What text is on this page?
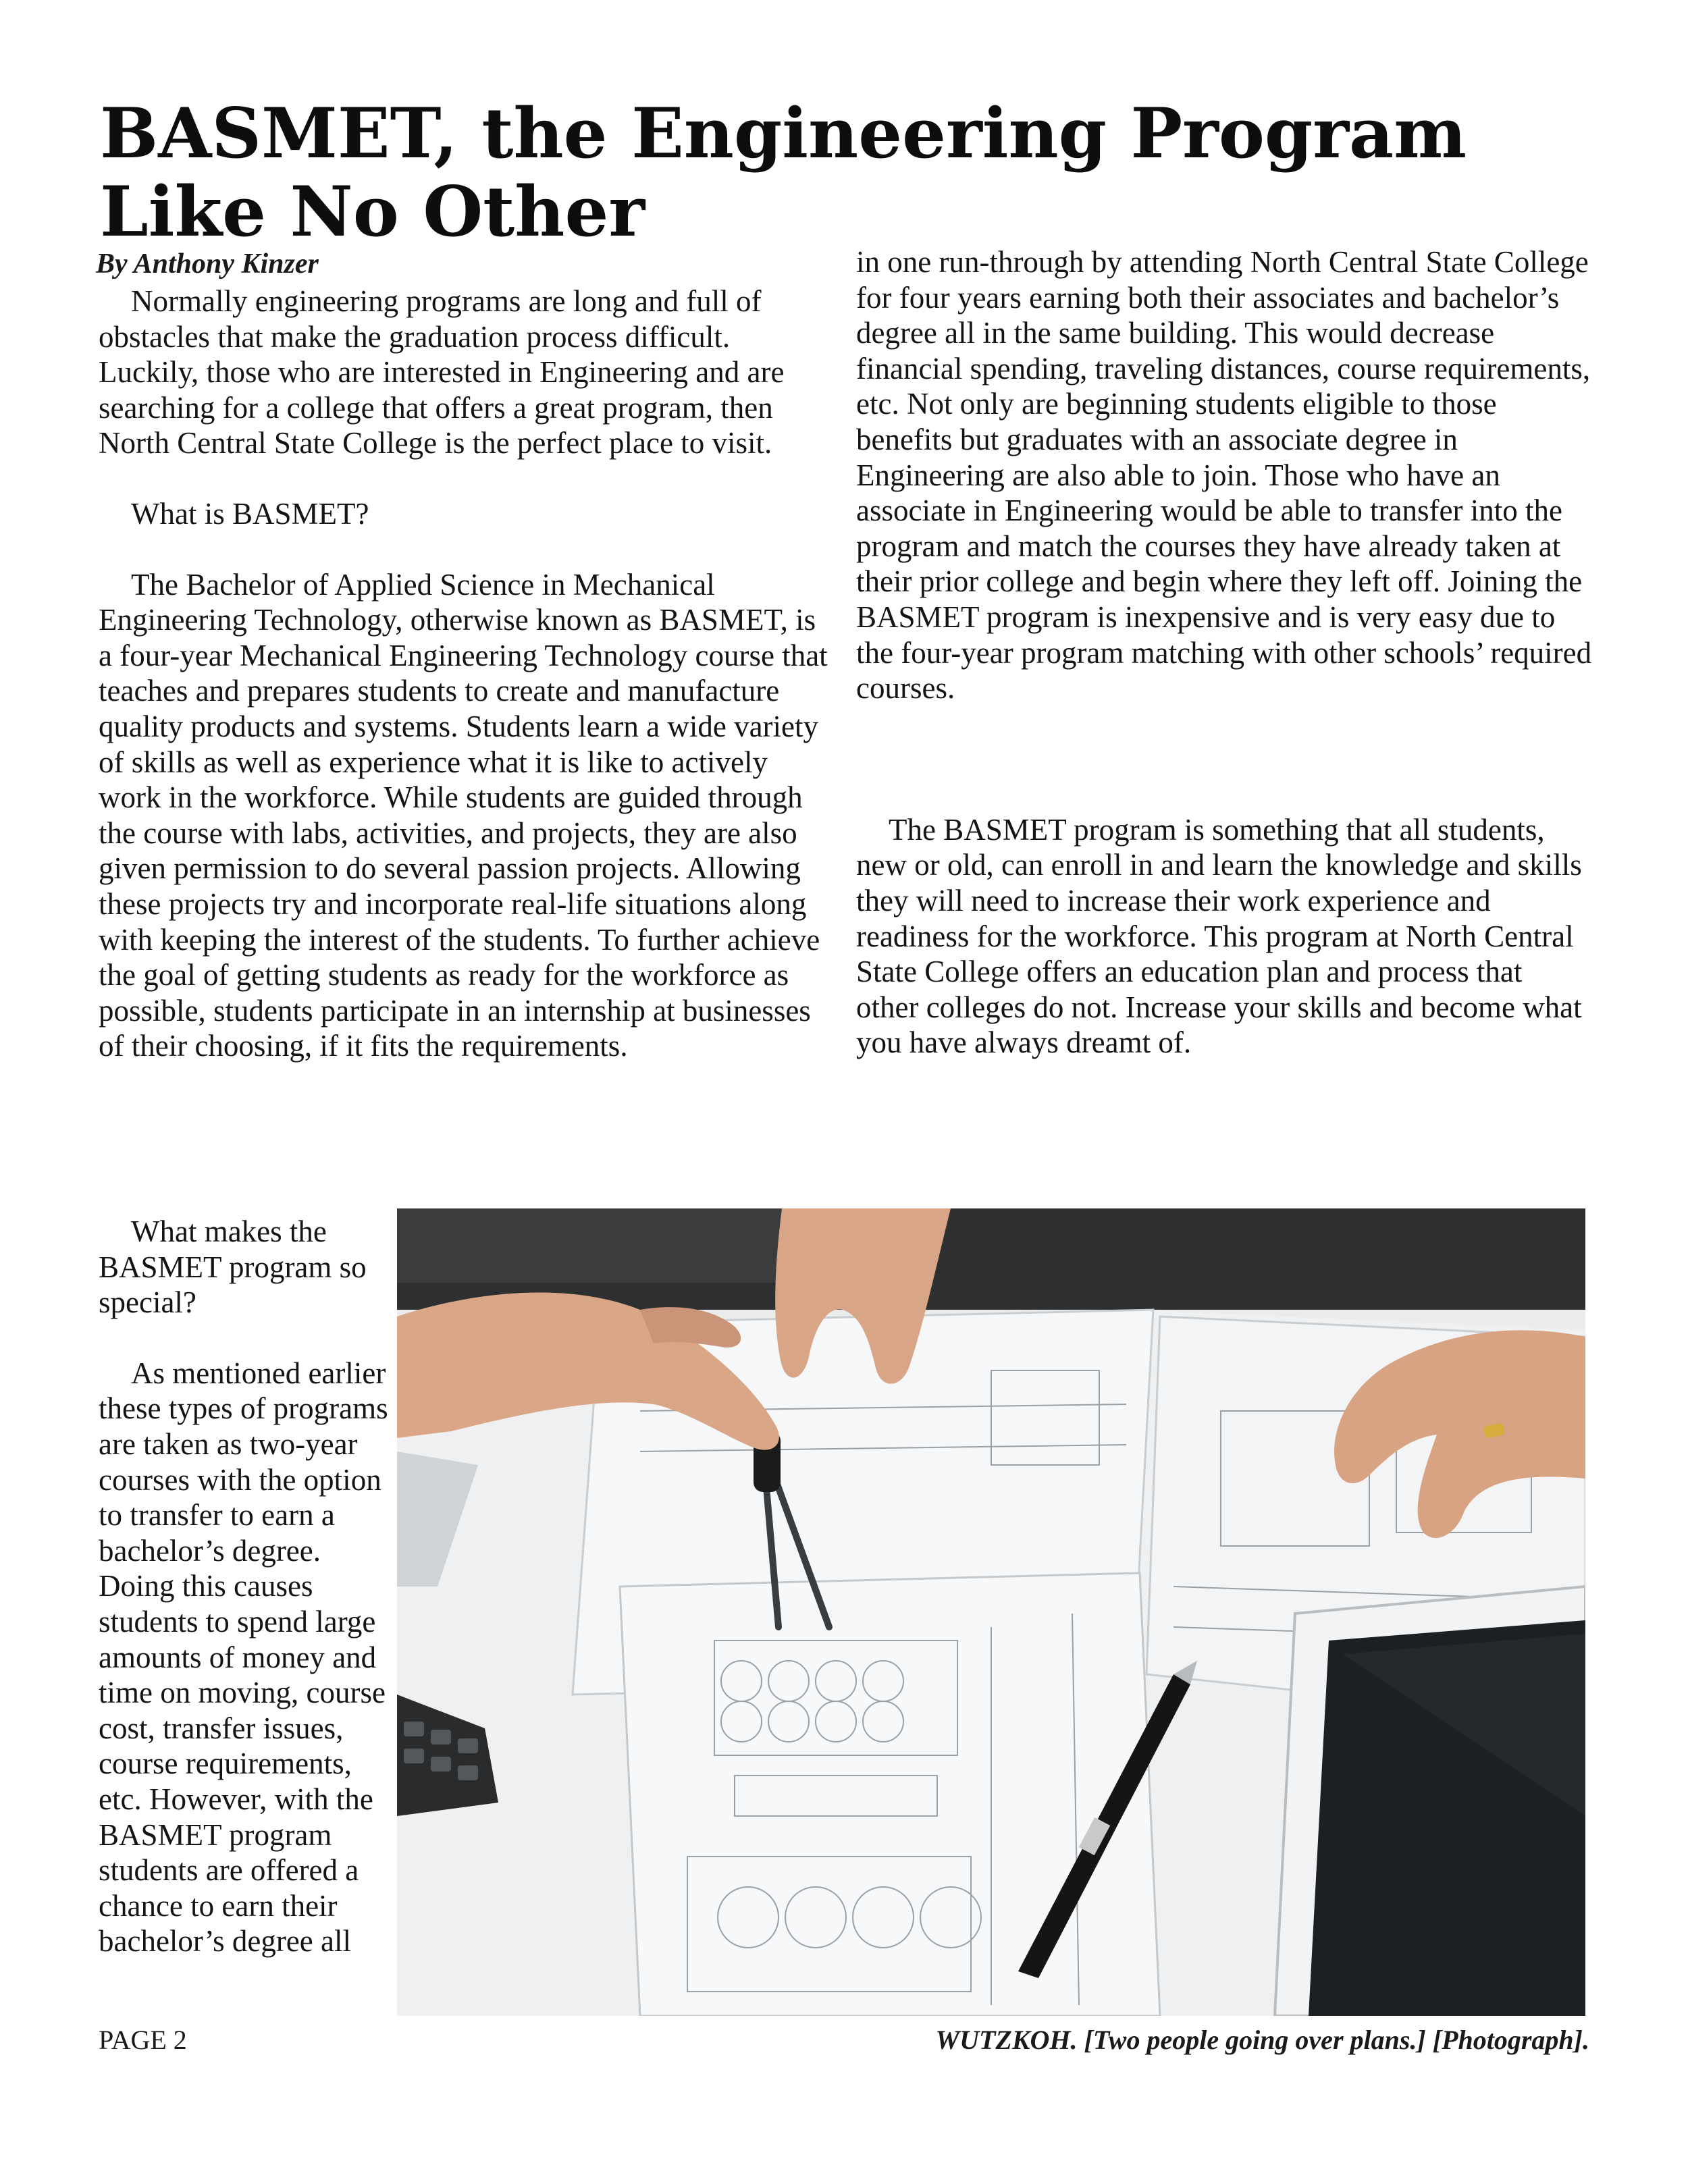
BASMET, the Engineering Program Like No Other
By Anthony Kinzer

Normally engineering programs are long and full of obstacles that make the graduation process difficult. Luckily, those who are interested in Engineering and are searching for a college that offers a great program, then North Central State College is the perfect place to visit.

What is BASMET?

The Bachelor of Applied Science in Mechanical Engineering Technology, otherwise known as BASMET, is a four-year Mechanical Engineering Technology course that teaches and prepares students to create and manufacture quality products and systems. Students learn a wide variety of skills as well as experience what it is like to actively work in the workforce. While students are guided through the course with labs, activities, and projects, they are also given permission to do several passion projects. Allowing these projects try and incorporate real-life situations along with keeping the interest of the students. To further achieve the goal of getting students as ready for the workforce as possible, students participate in an internship at businesses of their choosing, if it fits the requirements.

What makes the BASMET program so special?

As mentioned earlier these types of programs are taken as two-year courses with the option to transfer to earn a bachelor’s degree. Doing this causes students to spend large amounts of money and time on moving, course cost, transfer issues, course requirements, etc. However, with the BASMET program students are offered a chance to earn their bachelor’s degree all

in one run-through by attending North Central State College for four years earning both their associates and bachelor’s degree all in the same building. This would decrease financial spending, traveling distances, course requirements, etc. Not only are beginning students eligible to those benefits but graduates with an associate degree in Engineering are also able to join. Those who have an associate in Engineering would be able to transfer into the program and match the courses they have already taken at their prior college and begin where they left off. Joining the BASMET program is inexpensive and is very easy due to the four-year program matching with other schools’ required courses.

The BASMET program is something that all students, new or old, can enroll in and learn the knowledge and skills they will need to increase their work experience and readiness for the workforce. This program at North Central State College offers an education plan and process that other colleges do not. Increase your skills and become what you have always dreamt of.

PAGE 2	WUTZKOH. [Two people going over plans.] [Photograph].
